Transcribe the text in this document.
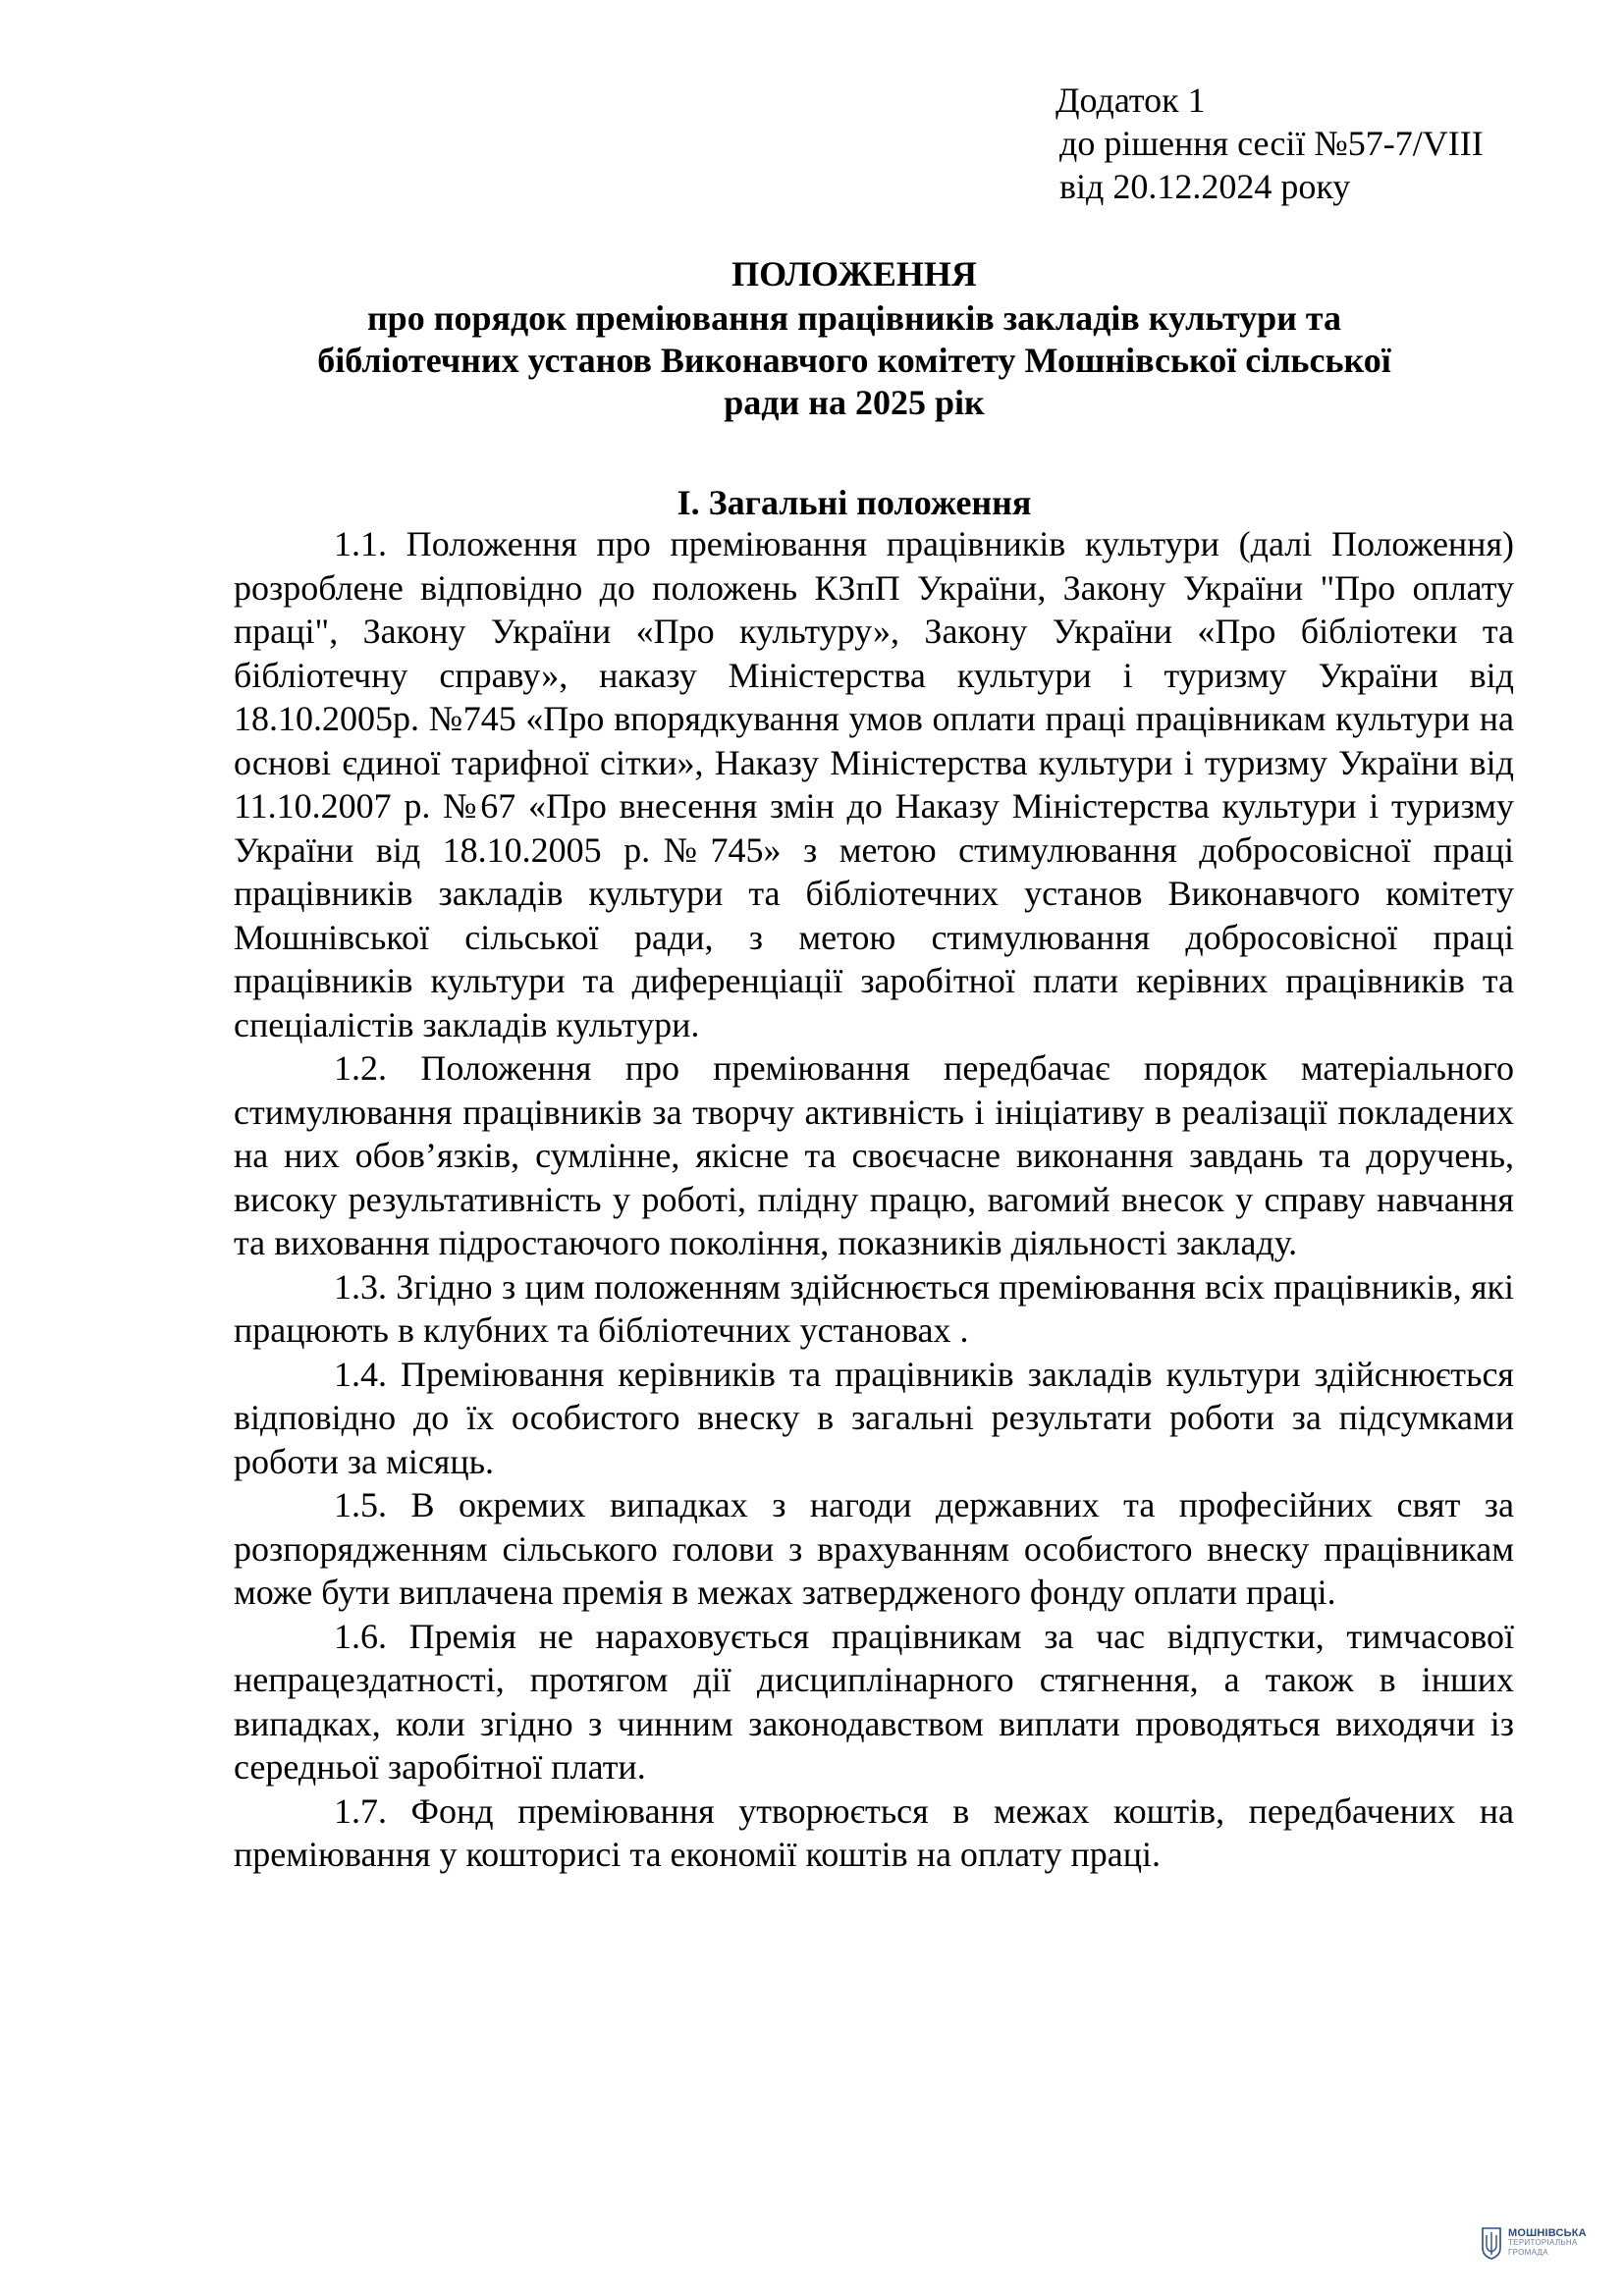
Додаток 1
до рішення сесії №57-7/VIII
від 20.12.2024 року
ПОЛОЖЕННЯ
про порядок преміювання працівників закладів культури та
бібліотечних установ Виконавчого комітету Мошнівської сільської
ради на 2025 рік
І. Загальні положення

1.1. Положення про преміювання працівників культури (далі Положення) розроблене відповідно до положень КЗпП України, Закону України "Про оплату праці", Закону України «Про культуру», Закону України «Про бібліотеки та бібліотечну справу», наказу Міністерства культури і туризму України від 18.10.2005р. №745 «Про впорядкування умов оплати праці працівникам культури на основі єдиної тарифної сітки», Наказу Міністерства культури і туризму України від 11.10.2007 р. №67 «Про внесення змін до Наказу Міністерства культури і туризму України від 18.10.2005 р.№745» з метою стимулювання добросовісної праці працівників закладів культури та бібліотечних установ Виконавчого комітету Мошнівської сільської ради, з метою стимулювання добросовісної праці працівників культури та диференціації заробітної плати керівних працівників та спеціалістів закладів культури.

1.2. Положення про преміювання передбачає порядок матеріального стимулювання працівників за творчу активність і ініціативу в реалізації покладених на них обов’язків, сумлінне, якісне та своєчасне виконання завдань та доручень, високу результативність у роботі, плідну працю, вагомий внесок у справу навчання та виховання підростаючого покоління, показників діяльності закладу.

1.3. Згідно з цим положенням здійснюється преміювання всіх працівників, які працюють в клубних та бібліотечних установах .

1.4. Преміювання керівників та працівників закладів культури здійснюється відповідно до їх особистого внеску в загальні результати роботи за підсумками роботи за місяць.

1.5. В окремих випадках з нагоди державних та професійних свят за розпорядженням сільського голови з врахуванням особистого внеску працівникам може бути виплачена премія в межах затвердженого фонду оплати праці.

1.6. Премія не нараховується працівникам за час відпустки, тимчасової непрацездатності, протягом дії дисциплінарного стягнення, а також в інших випадках, коли згідно з чинним законодавством виплати проводяться виходячи із середньої заробітної плати.

1.7. Фонд преміювання утворюється в межах коштів, передбачених на преміювання у кошторисі та економії коштів на оплату праці.

МОШНІВСЬКА
ТЕРИТОРІАЛЬНА
ГРОМАДА
